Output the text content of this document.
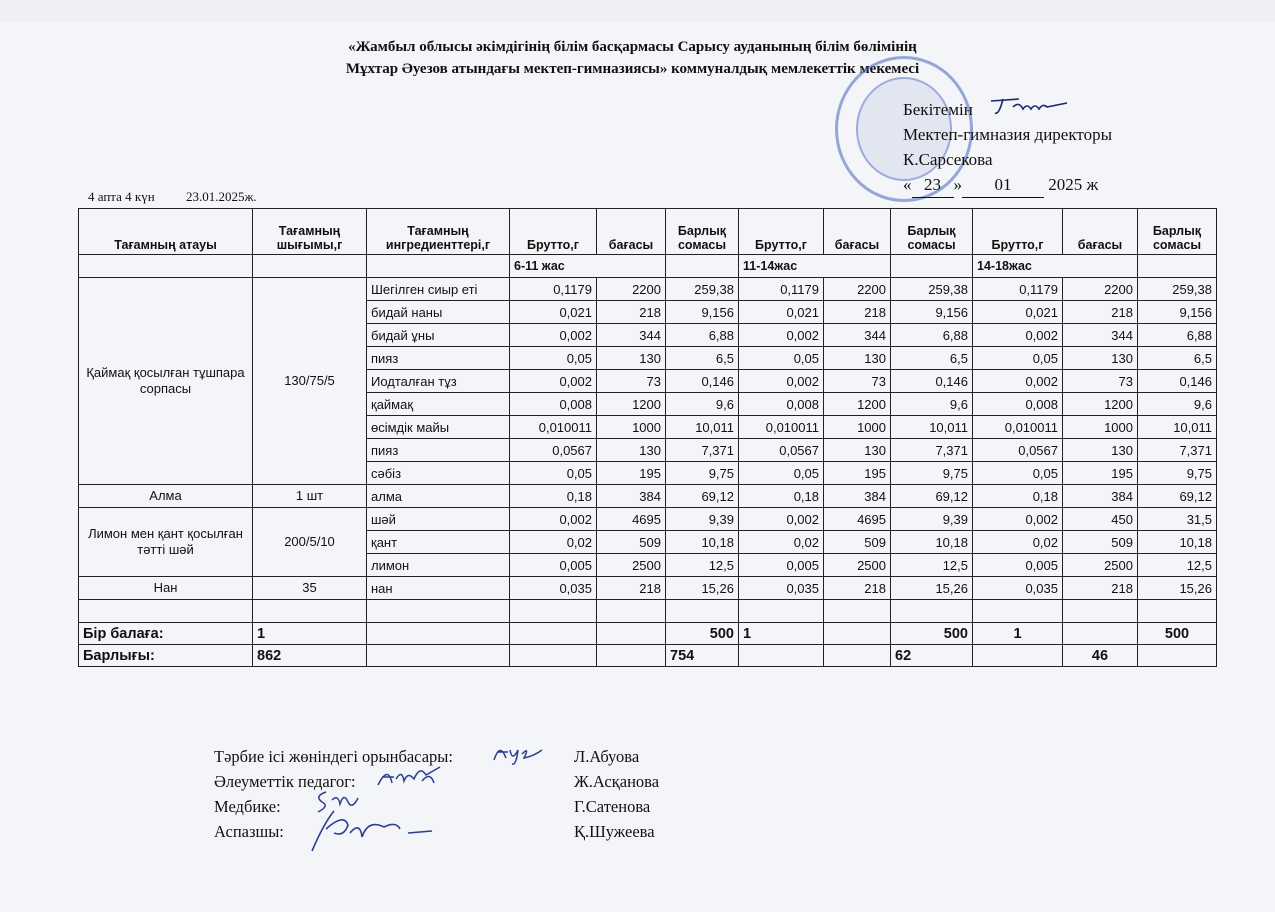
«Жамбыл облысы әкімдігінің білім басқармасы Сарысу ауданының білім бөлімінің
Мұхтар Әуезов атындағы мектеп-гимназиясы» коммуналдық мемлекеттік мекемесі
Бекітемін
Мектеп-гимназия директоры
К.Сарсекова
« 23 » 01 2025 ж
4 апта 4 күн 23.01.2025ж.
Тағамның атауы	Тағамның шығымы,г	Тағамның ингредиенттері,г	Брутто,г	бағасы	Барлық сомасы	Брутто,г	бағасы	Барлық сомасы	Брутто,г	бағасы	Барлық сомасы
			6-11 жас			11-14жас			14-18жас		
Қаймақ қосылған тұшпара сорпасы	130/75/5	Шегілген сиыр еті	0,1179	2200	259,38	0,1179	2200	259,38	0,1179	2200	259,38
		бидай наны	0,021	218	9,156	0,021	218	9,156	0,021	218	9,156
		бидай ұны	0,002	344	6,88	0,002	344	6,88	0,002	344	6,88
		пияз	0,05	130	6,5	0,05	130	6,5	0,05	130	6,5
		Иодталған тұз	0,002	73	0,146	0,002	73	0,146	0,002	73	0,146
		қаймақ	0,008	1200	9,6	0,008	1200	9,6	0,008	1200	9,6
		өсімдік майы	0,010011	1000	10,011	0,010011	1000	10,011	0,010011	1000	10,011
		пияз	0,0567	130	7,371	0,0567	130	7,371	0,0567	130	7,371
		сәбіз	0,05	195	9,75	0,05	195	9,75	0,05	195	9,75
Алма	1 шт	алма	0,18	384	69,12	0,18	384	69,12	0,18	384	69,12
Лимон мен қант қосылған тәтті шәй	200/5/10	шәй	0,002	4695	9,39	0,002	4695	9,39	0,002	450	31,5
		қант	0,02	509	10,18	0,02	509	10,18	0,02	509	10,18
		лимон	0,005	2500	12,5	0,005	2500	12,5	0,005	2500	12,5
Нан	35	нан	0,035	218	15,26	0,035	218	15,26	0,035	218	15,26

Бір балаға:	1				500	1		500	1		500
Барлығы:	862				754			62		46	
Тәрбие ісі жөніндегі орынбасары:	Л.Абуова
Әлеуметтік педагог:	Ж.Асқанова
Медбике:	Г.Сатенова
Аспазшы:	Қ.Шужеева
